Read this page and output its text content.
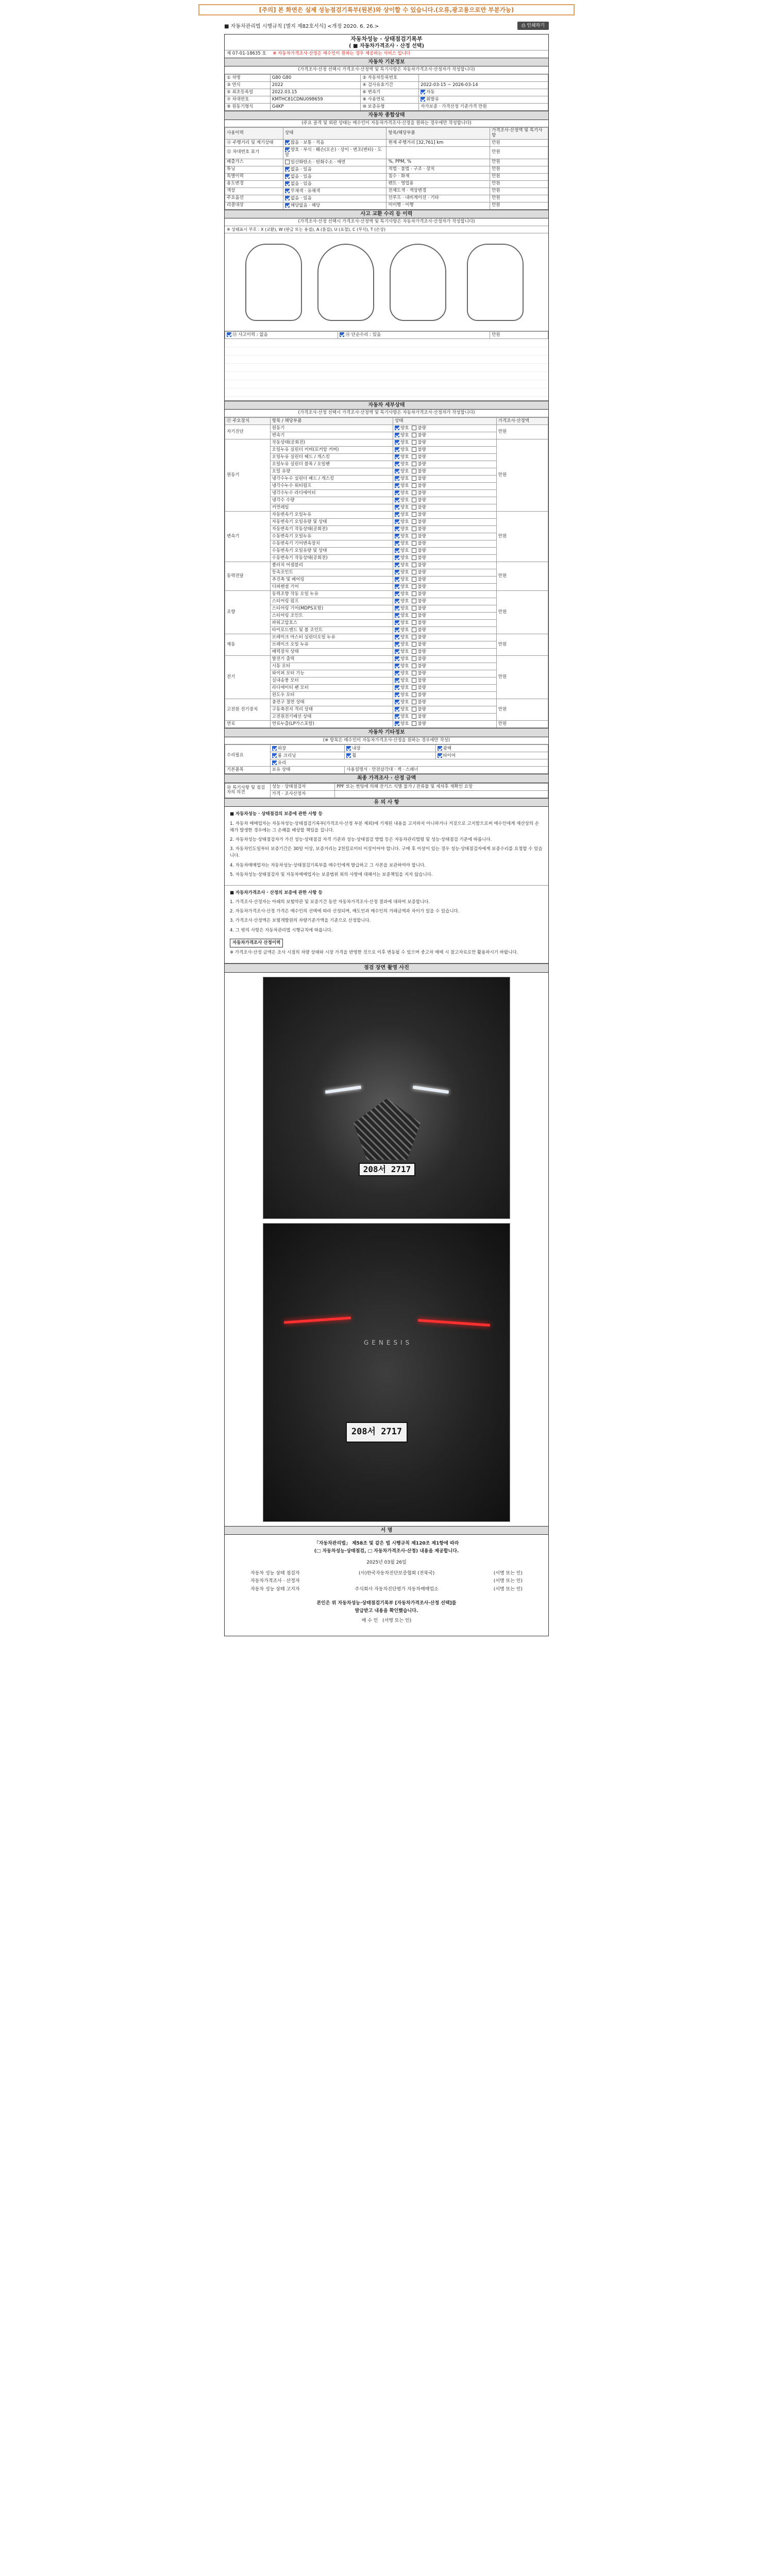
[주의] 본 화면은 실제 성능점검기록부(원본)와 상이할 수 있습니다.(오류,광고용으로만 부분가능)
■ 자동차관리법 시행규칙 [별지 제82호서식] <개정 2020. 6. 26.>	⎙ 인쇄하기
자동차성능 · 상태점검기록부
( ■ 자동차가격조사 · 산정 선택)
제 07-01-18635 호 ※ 자동차가격조사·산정은 매수인이 원하는 경우 제공하는 서비스 입니다
자동차 기본정보
(가격조사·산정 선택시 가격조사·산정액 및 특기사항은 자동차가격조사·산정자가 작성합니다)
① 차명	G80 G80	② 자동차등록번호	
③ 연식	2022	④ 검사유효기간	2022-03-15 ~ 2026-03-14
⑤ 최초등록일	2022.03.15	⑥ 변속기	자동
⑦ 차대번호	KMTHC81CDNU098659	⑧ 사용연료	휘발유
⑨ 원동기형식	G4KP	⑩ 보증유형	자가보증 · 가격산정 기준가격 만원
자동차 종합상태
(주요 골격 및 외판 상태는 매수인이 자동차가격조사·산정을 원하는 경우에만 작성합니다)
사용이력	상태	항목/해당부품	가격조사·산정액 및 특기사항
⑪ 주행거리 및 계기상태	많음 · 보통 · 적음	현재 주행거리 [32,761] km	만원
⑫ 차대번호 표기	양호 · 부식 · 훼손(오손) · 상이 · 변조(변타) · 도말		만원
배출가스	일산화탄소 · 탄화수소 · 매연	%, PPM, %	만원
튜닝	없음 · 있음	적법 · 불법 · 구조 · 장치	만원
특별이력	없음 · 있음	침수 · 화재	만원
용도변경	없음 · 있음	렌트 · 영업용	만원
색상	무채색 · 유채색	전체도색 · 색상변경	만원
주요옵션	없음 · 있음	선루프 · 내비게이션 · 기타	만원
리콜대상	해당없음 · 해당	미이행 · 이행	만원
사고 교환 수리 등 이력
(가격조사·산정 선택시 가격조사·산정액 및 특기사항은 자동차가격조사·산정자가 작성합니다)
※ 상태표시 부호 : X (교환), W (판금 또는 용접), A (흠집), U (요철), C (부식), T (손상)
⑬ 사고이력 : 없음	⑭ 단순수리 : 있음	만원
자동차 세부상태
(가격조사·산정 선택시 가격조사·산정액 및 특기사항은 자동차가격조사·산정자가 작성합니다)
⑰ 주요장치	항목 / 해당부품	상태	가격조사·산정액
자기진단	원동기	양호 불량	만원
	변속기	양호 불량	
원동기	작동상태(공회전)	양호 불량	만원
	오일누유 실린더 커버(로커암 커버)	양호 불량	
	오일누유 실린더 헤드 / 개스킷	양호 불량	
	오일누유 실린더 블록 / 오일팬	양호 불량	
	오일 유량	양호 불량	
	냉각수누수 실린더 헤드 / 개스킷	양호 불량	
	냉각수누수 워터펌프	양호 불량	
	냉각수누수 라디에이터	양호 불량	
	냉각수 수량	양호 불량	
	커먼레일	양호 불량	
변속기	자동변속기 오일누유	양호 불량	만원
	자동변속기 오일유량 및 상태	양호 불량	
	자동변속기 작동상태(공회전)	양호 불량	
	수동변속기 오일누유	양호 불량	
	수동변속기 기어변속장치	양호 불량	
	수동변속기 오일유량 및 상태	양호 불량	
	수동변속기 작동상태(공회전)	양호 불량	
동력전달	클러치 어셈블리	양호 불량	만원
	등속조인트	양호 불량	
	추진축 및 베어링	양호 불량	
	디퍼렌셜 기어	양호 불량	
조향	동력조향 작동 오일 누유	양호 불량	만원
	스티어링 펌프	양호 불량	
	스티어링 기어(MDPS포함)	양호 불량	
	스티어링 조인트	양호 불량	
	파워고압호스	양호 불량	
	타이로드엔드 및 볼 조인트	양호 불량	
제동	브레이크 마스터 실린더오일 누유	양호 불량	만원
	브레이크 오일 누유	양호 불량	
	배력장치 상태	양호 불량	
전기	발전기 출력	양호 불량	만원
	시동 모터	양호 불량	
	와이퍼 모터 기능	양호 불량	
	실내송풍 모터	양호 불량	
	라디에이터 팬 모터	양호 불량	
	윈도우 모터	양호 불량	
고전원 전기장치	충전구 절연 상태	양호 불량	만원
	구동축전지 격리 상태	양호 불량	
	고전원전기배선 상태	양호 불량	
연료	연료누출(LP가스포함)	양호 불량	만원
자동차 기타정보
(※ 항목은 매수인이 자동차가격조사·산정을 원하는 경우에만 작성)
수리필요	외장	내장	광택
	룸 크리닝	휠	타이어
	유리		
기본품목	보유 상태	사용설명서 · 안전삼각대 · 잭 · 스패너	
최종 가격조사 · 산정 금액
⑱ 특기사항 및 점검자의 의견	성능 · 상태점검자	PPF 또는 썬팅에 의해 잔기스 식별 불가 / 잔류물 및 세차후 재확인 요망
	가격 · 조사산정자	
유 의 사 항

■ 자동차성능 · 상태점검의 보증에 관한 사항 등

1. 자동차 매매업자는 자동차성능·상태점검기록부(가격조사·산정 부분 제외)에 기재된 내용을 고지하지 아니하거나 거짓으로 고지함으로써 매수인에게 재산상의 손해가 발생한 경우에는 그 손해를 배상할 책임을 집니다.

2. 자동차성능·상태점검자가 가진 성능·상태점검 자격 기준과 성능·상태점검 방법 등은 자동차관리법령 및 성능·상태점검 기준에 따릅니다.

3. 자동차인도일부터 보증기간은 30일 이상, 보증거리는 2천킬로미터 이상이어야 합니다. 구매 후 이상이 있는 경우 성능·상태점검자에게 보증수리를 요청할 수 있습니다.

4. 자동차매매업자는 자동차성능·상태점검기록부를 매수인에게 발급하고 그 사본을 보관하여야 합니다.

5. 자동차성능·상태점검자 및 자동차매매업자는 보증범위 외의 사항에 대해서는 보증책임을 지지 않습니다.

■ 자동차가격조사 · 산정의 보증에 관한 사항 등

1. 가격조사·산정자는 아래의 보험약관 및 보증기간 동안 자동차가격조사·산정 결과에 대하여 보증합니다.

2. 자동차가격조사·산정 가격은 매수인의 선택에 따라 산정되며, 매도인과 매수인의 거래금액과 차이가 있을 수 있습니다.

3. 가격조사·산정액은 보험개발원의 차량기준가액을 기준으로 산정합니다.

4. 그 밖의 사항은 자동차관리법 시행규칙에 따릅니다.

자동차가격조사 산정이력

※ 가격조사·산정 금액은 조사 시점의 차량 상태와 시장 가격을 반영한 것으로 이후 변동될 수 있으며 중고차 매매 시 참고자료로만 활용하시기 바랍니다.

점검 장면 촬영 사진
208서 2717
GENESIS
208서 2717
서 명
「자동차관리법」 제58조 및 같은 법 시행규칙 제120조 제1항에 따라
(□ 자동차성능·상태점검, □ 자동차가격조사·산정) 내용을 제공합니다.
2025년 03월 26일
자동차 성능 상태 점검자	(사)한국자동차진단보증협회 (전북국)	(서명 또는 인)
자동차가격조사 · 산정자	(서명 또는 인)
자동차 성능 상태 고지자	주식회사 자동차진단평가 자동차매매업소	(서명 또는 인)
본인은 위 자동차성능·상태점검기록부 [자동차가격조사·산정 선택]를
발급받고 내용을 확인했습니다.
매 수 인 (서명 또는 인)
